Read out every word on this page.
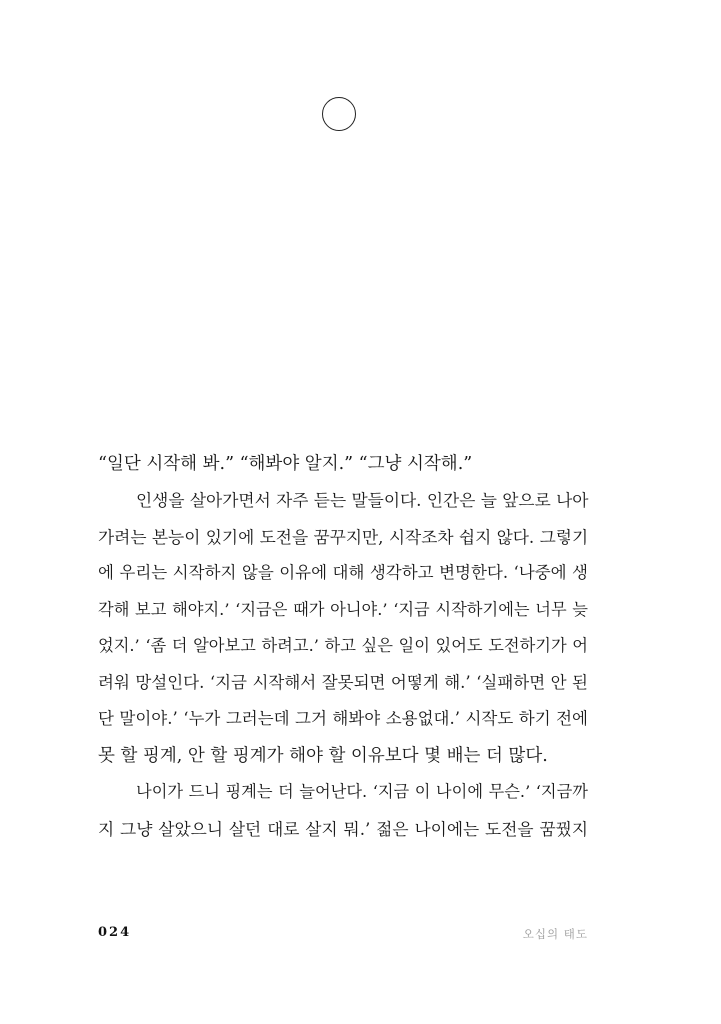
“일단 시작해 봐.” “해봐야 알지.” “그냥 시작해.”
인생을 살아가면서 자주 듣는 말들이다. 인간은 늘 앞으로 나아
가려는 본능이 있기에 도전을 꿈꾸지만, 시작조차 쉽지 않다. 그렇기
에 우리는 시작하지 않을 이유에 대해 생각하고 변명한다. ‘나중에 생
각해 보고 해야지.’ ‘지금은 때가 아니야.’ ‘지금 시작하기에는 너무 늦
었지.’ ‘좀 더 알아보고 하려고.’ 하고 싶은 일이 있어도 도전하기가 어
려워 망설인다. ‘지금 시작해서 잘못되면 어떻게 해.’ ‘실패하면 안 된
단 말이야.’ ‘누가 그러는데 그거 해봐야 소용없대.’ 시작도 하기 전에
못 할 핑계, 안 할 핑계가 해야 할 이유보다 몇 배는 더 많다.
나이가 드니 핑계는 더 늘어난다. ‘지금 이 나이에 무슨.’ ‘지금까
지 그냥 살았으니 살던 대로 살지 뭐.’ 젊은 나이에는 도전을 꿈꿨지
024	오십의 태도
